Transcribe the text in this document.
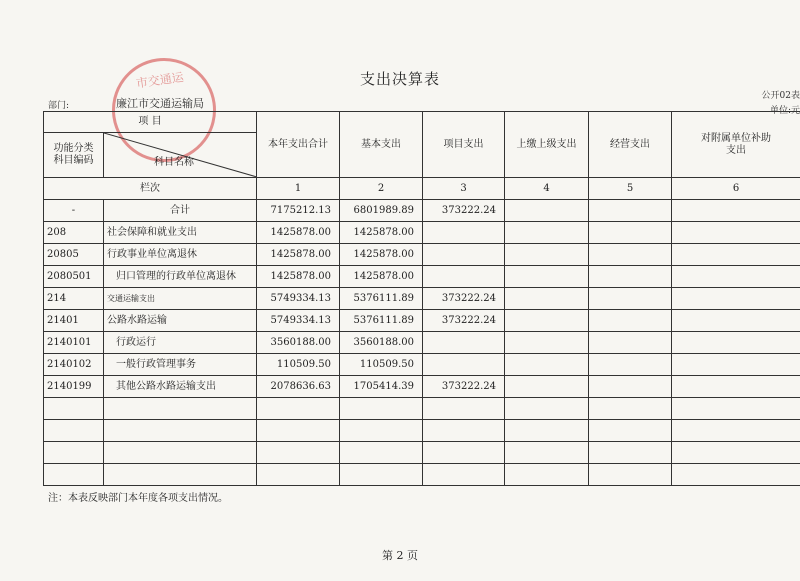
支出决算表
市交通运
部门:	廉江市交通运输局
公开02表
单位:元
项 目		本年支出合计	基本支出	项目支出	上缴上级支出	经营支出	对附属单位补助
支出
功能分类
科目编码	科目名称						

栏次		1	2	3	4	5	6
-	合计	7175212.13	6801989.89	373222.24			
208	社会保障和就业支出	1425878.00	1425878.00				
20805	行政事业单位离退休	1425878.00	1425878.00				
2080501	归口管理的行政单位离退休	1425878.00	1425878.00				
214	交通运输支出	5749334.13	5376111.89	373222.24			
21401	公路水路运输	5749334.13	5376111.89	373222.24			
2140101	行政运行	3560188.00	3560188.00				
2140102	一般行政管理事务	110509.50	110509.50				
2140199	其他公路水路运输支出	2078636.63	1705414.39	373222.24			

注：本表反映部门本年度各项支出情况。
第 2 页
